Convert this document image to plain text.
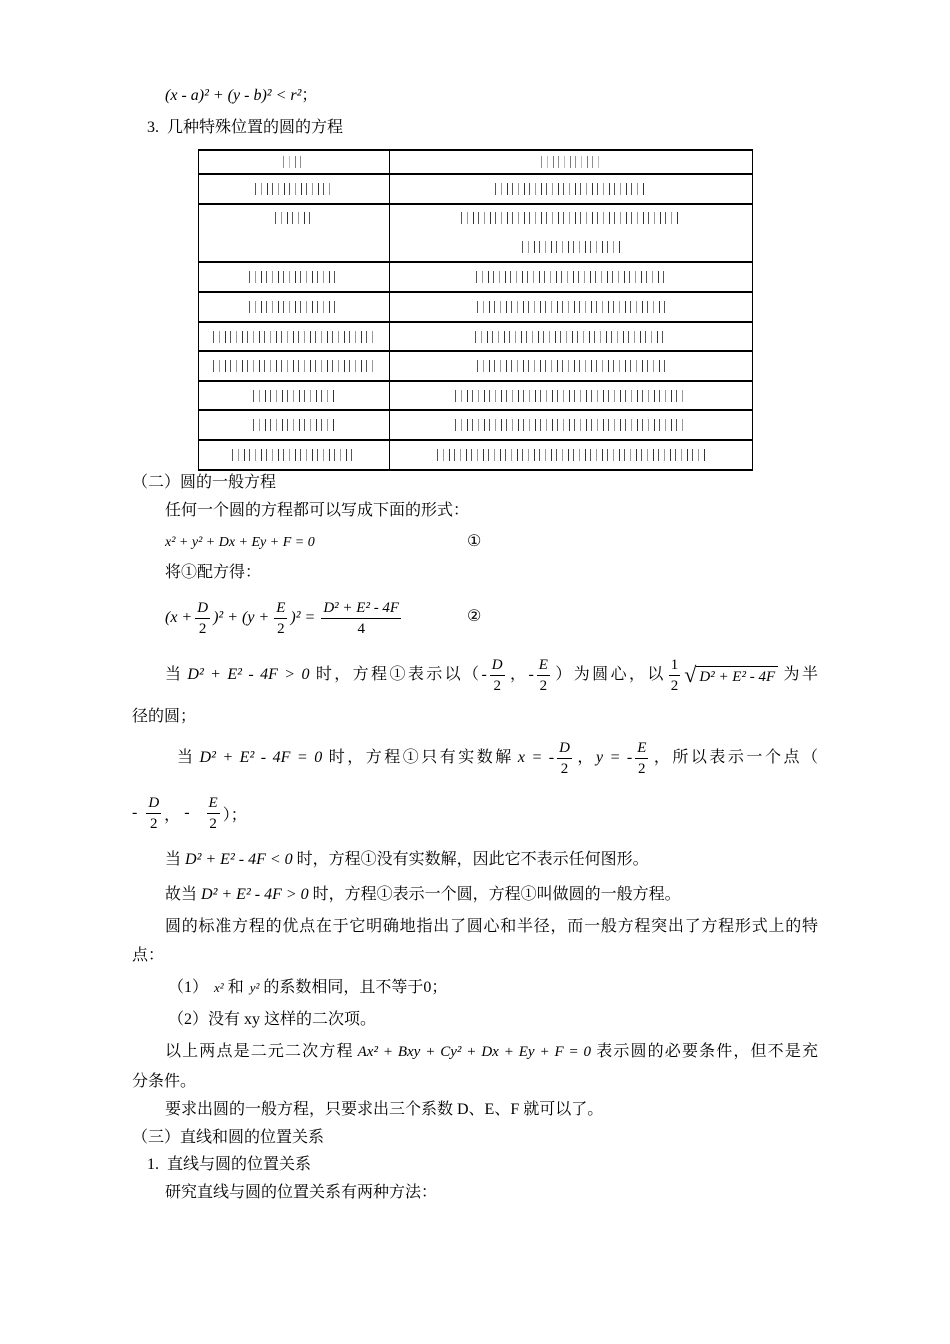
(x - a)² + (y - b)² < r²；
3.  几种特殊位置的圆的方程
（二）圆的一般方程
任何一个圆的方程都可以写成下面的形式：
x² + y² + Dx + Ey + F = 0	①
将①配方得：
$(x + \frac{D}{2} )^2 + (y + \frac{E}{2} )^2 = \frac{\text{D² + E² - 4F}}{4}$	②
当 D² + E² - 4F > 0 时，方程①表示以（- $\frac{D}{2}$ ，- $\frac{E}{2}$ ）为圆心，以 $\frac{1}{2}$ √ D² + E² - 4F 为半
径的圆；
当 D² + E² - 4F = 0 时，方程①只有实数解 x = - $\frac{D}{2}$ ，y = - $\frac{E}{2}$ ，所以表示一个点（
- $\frac{D}{2}$ ， - $\frac{E}{2}$ ）；
当 D² + E² - 4F < 0 时，方程①没有实数解，因此它不表示任何图形。
故当 D² + E² - 4F > 0 时，方程①表示一个圆，方程①叫做圆的一般方程。
圆的标准方程的优点在于它明确地指出了圆心和半径，而一般方程突出了方程形式上的特
点：
（1） x² 和 y² 的系数相同，且不等于0；
（2）没有 xy 这样的二次项。
以上两点是二元二次方程 Ax² + Bxy + Cy² + Dx + Ey + F = 0 表示圆的必要条件，但不是充
分条件。
要求出圆的一般方程，只要求出三个系数 D、E、F 就可以了。
（三）直线和圆的位置关系
1.  直线与圆的位置关系
研究直线与圆的位置关系有两种方法：
